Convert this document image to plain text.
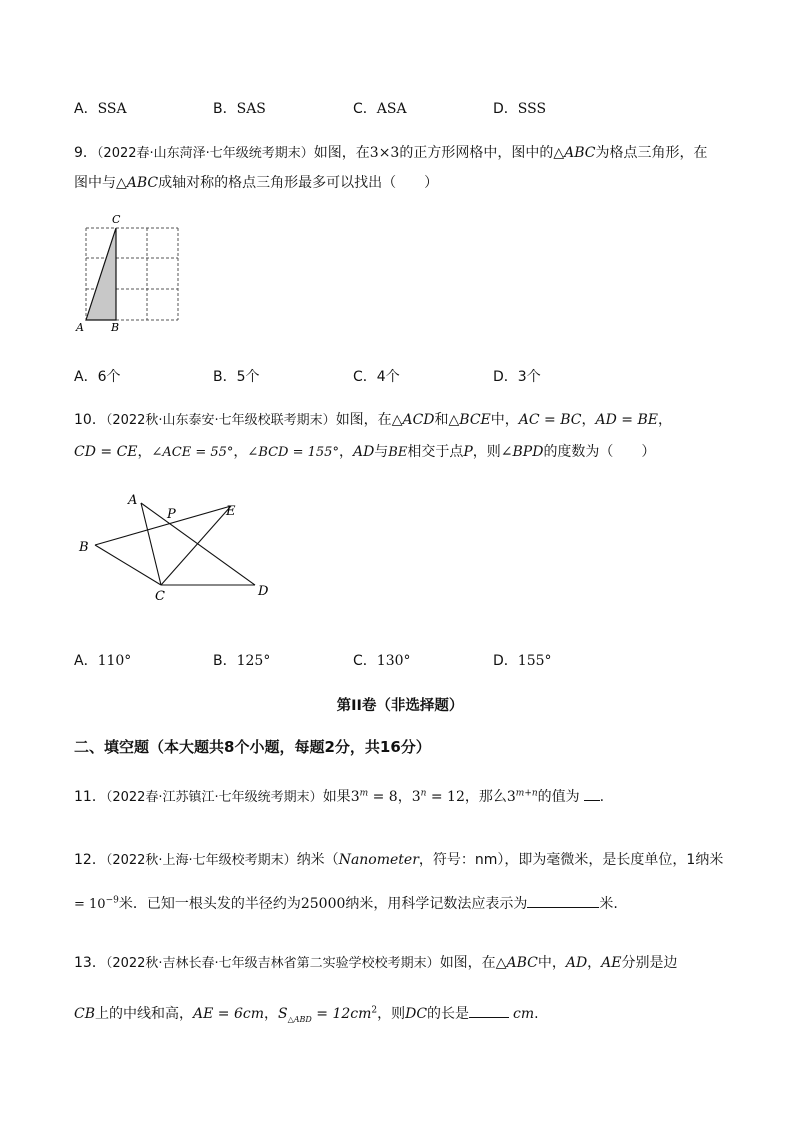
A．SSA	B．SAS	C．ASA	D．SSS
9．（2022春·山东菏泽·七年级统考期末）如图，在3×3的正方形网格中，图中的△ABC为格点三角形，在
图中与△ABC成轴对称的格点三角形最多可以找出（　　）
C
A B
A．6个	B．5个	C．4个	D．3个
10．（2022秋·山东泰安·七年级校联考期末）如图，在△ACD和△BCE中，AC = BC，AD = BE，
CD = CE，∠ACE = 55°，∠BCD = 155°，AD与BE相交于点P，则∠BPD的度数为（　　）
A
P	E
B
C	D
A．110°	B．125°	C．130°	D．155°
第II卷（非选择题）
二、填空题（本大题共8个小题，每题2分，共16分）
11．（2022春·江苏镇江·七年级统考期末）如果$3^m = 8$，$3^n = 12$，那么$3^{m+n}$的值为 .
12．（2022秋·上海·七年级校考期末）纳米（Nanometer，符号：nm），即为毫微米，是长度单位，1纳米
= $10^{-9}$米．已知一根头发的半径约为25000纳米，用科学记数法应表示为	米.
13．（2022秋·吉林长春·七年级吉林省第二实验学校校考期末）如图，在△ABC中，AD，AE分别是边
CB上的中线和高，AE = 6cm，$S_{\triangle ABD} = 12cm^2$，则DC的长是	cm.
